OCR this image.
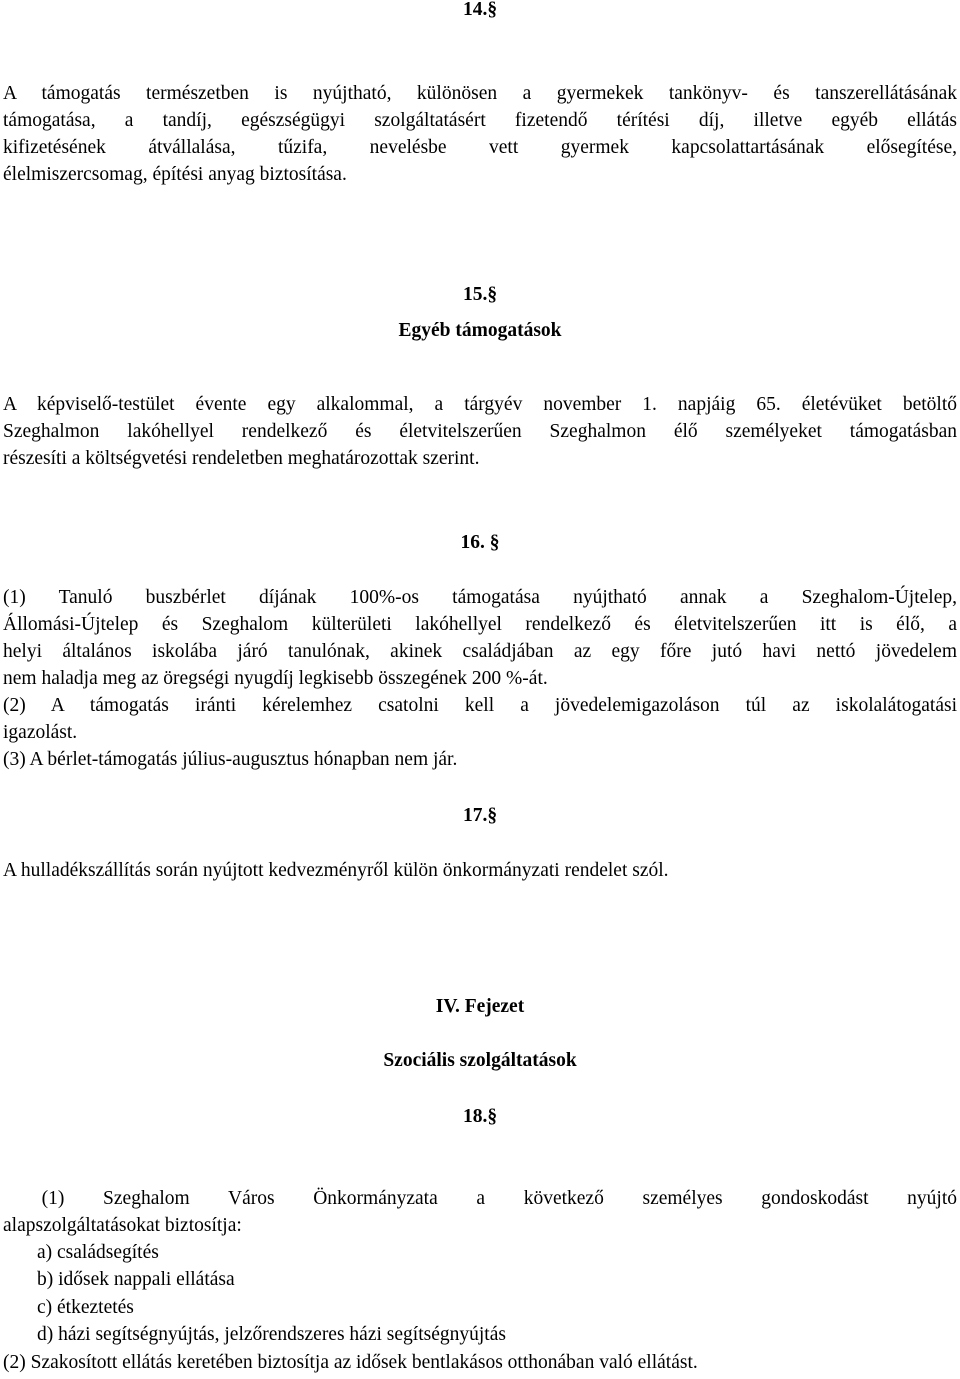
14.§
A támogatás természetben is nyújtható, különösen a gyermekek tankönyv- és tanszerellátásának
támogatása, a tandíj, egészségügyi szolgáltatásért fizetendő térítési díj, illetve egyéb ellátás
kifizetésének átvállalása, tűzifa, nevelésbe vett gyermek kapcsolattartásának elősegítése,
élelmiszercsomag, építési anyag biztosítása.
15.§
Egyéb támogatások
A képviselő-testület évente egy alkalommal, a tárgyév november 1. napjáig 65. életévüket betöltő
Szeghalmon lakóhellyel rendelkező és életvitelszerűen Szeghalmon élő személyeket támogatásban
részesíti a költségvetési rendeletben meghatározottak szerint.
16. §
(1) Tanuló buszbérlet díjának 100%-os támogatása nyújtható annak a Szeghalom-Újtelep,
Állomási-Újtelep és Szeghalom külterületi lakóhellyel rendelkező és életvitelszerűen itt is élő, a
helyi általános iskolába járó tanulónak, akinek családjában az egy főre jutó havi nettó jövedelem
nem haladja meg az öregségi nyugdíj legkisebb összegének 200 %-át.
(2) A támogatás iránti kérelemhez csatolni kell a jövedelemigazoláson túl az iskolalátogatási
igazolást.
(3) A bérlet-támogatás július-augusztus hónapban nem jár.
17.§
A hulladékszállítás során nyújtott kedvezményről külön önkormányzati rendelet szól.
IV. Fejezet
Szociális szolgáltatások
18.§
(1) Szeghalom Város Önkormányzata a következő személyes gondoskodást nyújtó
alapszolgáltatásokat biztosítja:
a) családsegítés
b) idősek nappali ellátása
c) étkeztetés
d) házi segítségnyújtás, jelzőrendszeres házi segítségnyújtás
(2) Szakosított ellátás keretében biztosítja az idősek bentlakásos otthonában való ellátást.
